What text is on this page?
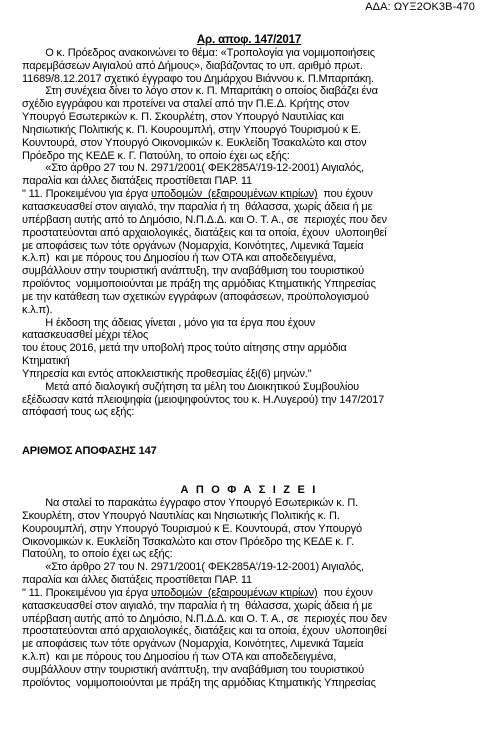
ΑΔΑ: ΩΥΞ2ΟΚ3Β-470

Αρ. αποφ. 147/2017

Ο κ. Πρόεδρος ανακοινώνει το θέμα: «Τροπολογία για νομιμοποιήσεις

παρεμβάσεων Αιγιαλού από Δήμους», διαβάζοντας το υπ. αριθμό πρωτ.

11689/8.12.2017 σχετικό έγγραφο του Δημάρχου Βιάννου κ. Π.Μπαριτάκη.

Στη συνέχεια δίνει το λόγο στον κ. Π. Μπαριτάκη ο οποίος διαβάζει ένα

σχέδιο εγγράφου και προτείνει να σταλεί από την Π.Ε.Δ. Κρήτης στον

Υπουργό Εσωτερικών κ. Π. Σκουρλέτη, στον Υπουργό Ναυτιλίας και

Νησιωτικής Πολιτικής κ. Π. Κουρουμπλή, στην Υπουργό Τουρισμού κ Ε.

Κουντουρά, στον Υπουργό Οικονομικών κ. Ευκλείδη Τσακαλώτο και στον

Πρόεδρο της ΚΕΔΕ κ. Γ. Πατούλη, το οποίο έχει ως εξής:

«Στο άρθρο 27 του Ν. 2971/2001( ΦΕΚ285Α'/19-12-2001) Αιγιαλός,

παραλία και άλλες διατάξεις προστίθεται ΠΑΡ. 11

" 11. Προκειμένου για έργα υποδομών  (εξαιρουμένων κτιρίων)  που έχουν

κατασκευασθεί στον αιγιαλό, την παραλία ή τη  θάλασσα, χωρίς άδεια ή με

υπέρβαση αυτής από το Δημόσιο, Ν.Π.Δ.Δ. και Ο. Τ. Α., σε  περιοχές που δεν

προστατεύονται από αρχαιολογικές, διατάξεις και τα οποία, έχουν  υλοποιηθεί

με αποφάσεις των τότε οργάνων (Νομαρχία, Κοινότητες, Λιμενικά Ταμεία

κ.λ.π)  και με πόρους του Δημοσίου ή των ΟΤΑ και αποδεδειγμένα,

συμβάλλουν στην τουριστική ανάπτυξη, την αναβάθμιση του τουριστικού

προϊόντος  νομιμοποιούνται με πράξη της αρμόδιας Κτηματικής Υπηρεσίας

με την κατάθεση των σχετικών εγγράφων (αποφάσεων, προϋπολογισμού

κ.λ.π).

Η έκδοση της άδειας γίνεται , μόνο για τα έργα που έχουν

κατασκευασθεί μέχρι τέλος

του έτους 2016, μετά την υποβολή προς τούτο αίτησης στην αρμόδια

Κτηματική

Υπηρεσία και εντός αποκλειστικής προθεσμίας έξι(6) μηνών."

Μετά από διαλογική συζήτηση τα μέλη του Διοικητικού Συμβουλίου

εξέδωσαν κατά πλειοψηφία (μειοψηφούντος του κ. Η.Λυγερού) την 147/2017

απόφασή τους ως εξής:

ΑΡΙΘΜΟΣ ΑΠΟΦΑΣΗΣ 147

Α Π Ο Φ Α Σ Ι Ζ Ε Ι

Να σταλεί το παρακάτω έγγραφο στον Υπουργό Εσωτερικών κ. Π.

Σκουρλέτη, στον Υπουργό Ναυτιλίας και Νησιωτικής Πολιτικής κ. Π.

Κουρουμπλή, στην Υπουργό Τουρισμού κ Ε. Κουντουρά, στον Υπουργό

Οικονομικών κ. Ευκλείδη Τσακαλώτο και στον Πρόεδρο της ΚΕΔΕ κ. Γ.

Πατούλη, το οποίο έχει ως εξής:

«Στο άρθρο 27 του Ν. 2971/2001( ΦΕΚ285Α'/19-12-2001) Αιγιαλός,

παραλία και άλλες διατάξεις προστίθεται ΠΑΡ. 11

" 11. Προκειμένου για έργα υποδομών  (εξαιρουμένων κτιρίων)  που έχουν

κατασκευασθεί στον αιγιαλό, την παραλία ή τη  θάλασσα, χωρίς άδεια ή με

υπέρβαση αυτής από το Δημόσιο, Ν.Π.Δ.Δ. και Ο. Τ. Α., σε  περιοχές που δεν

προστατεύονται από αρχαιολογικές, διατάξεις και τα οποία, έχουν  υλοποιηθεί

με αποφάσεις των τότε οργάνων (Νομαρχία, Κοινότητες, Λιμενικά Ταμεία

κ.λ.π)  και με πόρους του Δημοσίου ή των ΟΤΑ και αποδεδειγμένα,

συμβάλλουν στην τουριστική ανάπτυξη, την αναβάθμιση του τουριστικού

προϊόντος  νομιμοποιούνται με πράξη της αρμόδιας Κτηματικής Υπηρεσίας
